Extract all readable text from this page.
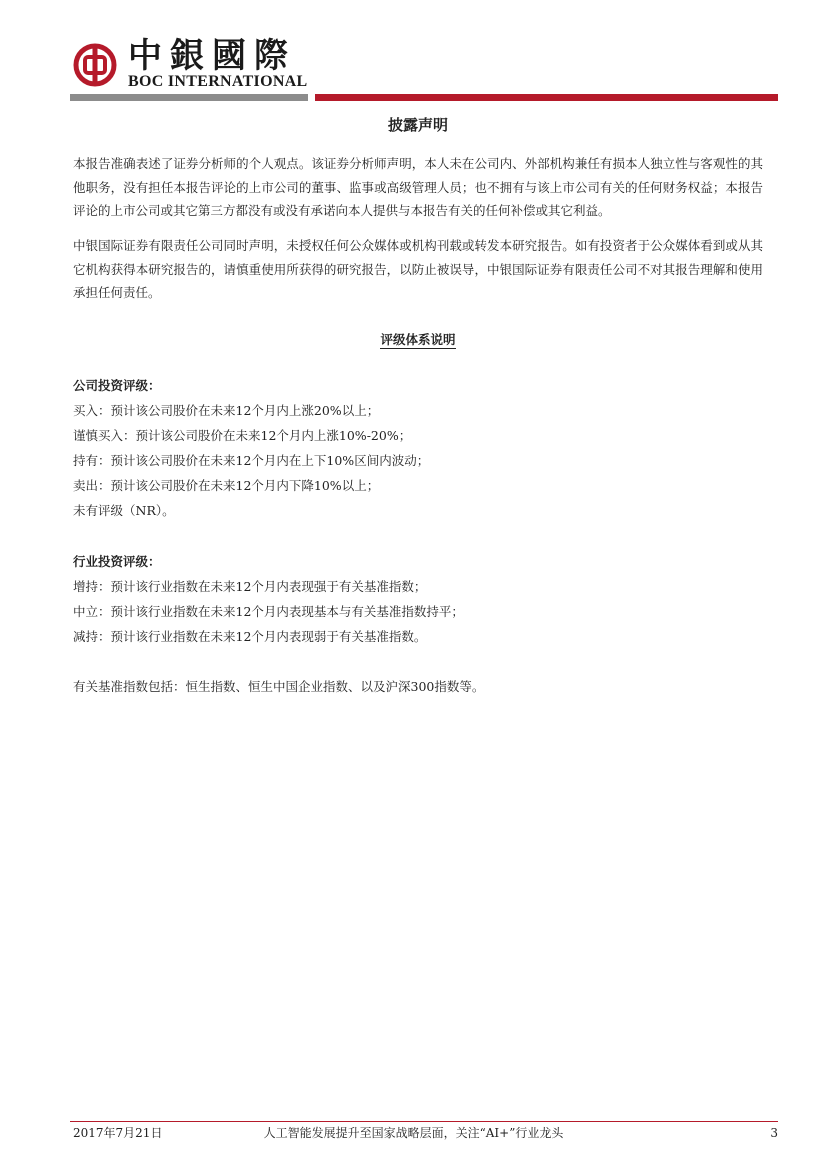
中銀國際
BOC INTERNATIONAL
披露声明
本报告准确表述了证券分析师的个人观点。该证券分析师声明，本人未在公司内、外部机构兼任有损本人独立性与客观性的其他职务，没有担任本报告评论的上市公司的董事、监事或高级管理人员；也不拥有与该上市公司有关的任何财务权益；本报告评论的上市公司或其它第三方都没有或没有承诺向本人提供与本报告有关的任何补偿或其它利益。
中银国际证券有限责任公司同时声明，未授权任何公众媒体或机构刊载或转发本研究报告。如有投资者于公众媒体看到或从其它机构获得本研究报告的，请慎重使用所获得的研究报告，以防止被误导，中银国际证券有限责任公司不对其报告理解和使用承担任何责任。
评级体系说明
公司投资评级：
买入：预计该公司股价在未来12个月内上涨20%以上；
谨慎买入：预计该公司股价在未来12个月内上涨10%-20%；
持有：预计该公司股价在未来12个月内在上下10%区间内波动；
卖出：预计该公司股价在未来12个月内下降10%以上；
未有评级（NR）。
行业投资评级：
增持：预计该行业指数在未来12个月内表现强于有关基准指数；
中立：预计该行业指数在未来12个月内表现基本与有关基准指数持平；
减持：预计该行业指数在未来12个月内表现弱于有关基准指数。
有关基准指数包括：恒生指数、恒生中国企业指数、以及沪深300指数等。
2017年7月21日	人工智能发展提升至国家战略层面，关注“AI+”行业龙头	3
